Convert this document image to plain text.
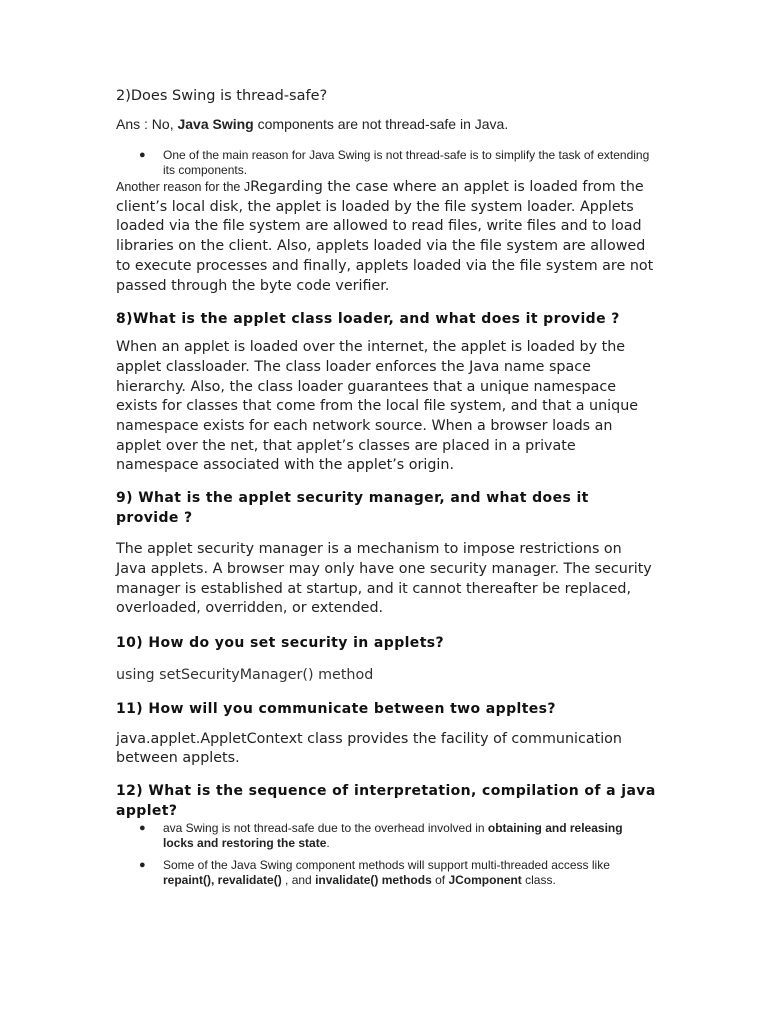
2)Does Swing is thread-safe?

Ans : No, Java Swing components are not thread-safe in Java.

● One of the main reason for Java Swing is not thread-safe is to simplify the task of extending its components.

Another reason for the JRegarding the case where an applet is loaded from the client’s local disk, the applet is loaded by the file system loader. Applets loaded via the file system are allowed to read files, write files and to load libraries on the client. Also, applets loaded via the file system are allowed to execute processes and finally, applets loaded via the file system are not passed through the byte code verifier.

8)What is the applet class loader, and what does it provide ?

When an applet is loaded over the internet, the applet is loaded by the applet classloader. The class loader enforces the Java name space hierarchy. Also, the class loader guarantees that a unique namespace exists for classes that come from the local file system, and that a unique namespace exists for each network source. When a browser loads an applet over the net, that applet’s classes are placed in a private namespace associated with the applet’s origin.

9) What is the applet security manager, and what does it provide ?

The applet security manager is a mechanism to impose restrictions on Java applets. A browser may only have one security manager. The security manager is established at startup, and it cannot thereafter be replaced, overloaded, overridden, or extended.

10) How do you set security in applets?

using setSecurityManager() method

11) How will you communicate between two appltes?

java.applet.AppletContext class provides the facility of communication between applets.

12) What is the sequence of interpretation, compilation of a java applet?

● ava Swing is not thread-safe due to the overhead involved in obtaining and releasing locks and restoring the state.
● Some of the Java Swing component methods will support multi-threaded access like repaint(), revalidate() , and invalidate() methods of JComponent class.
